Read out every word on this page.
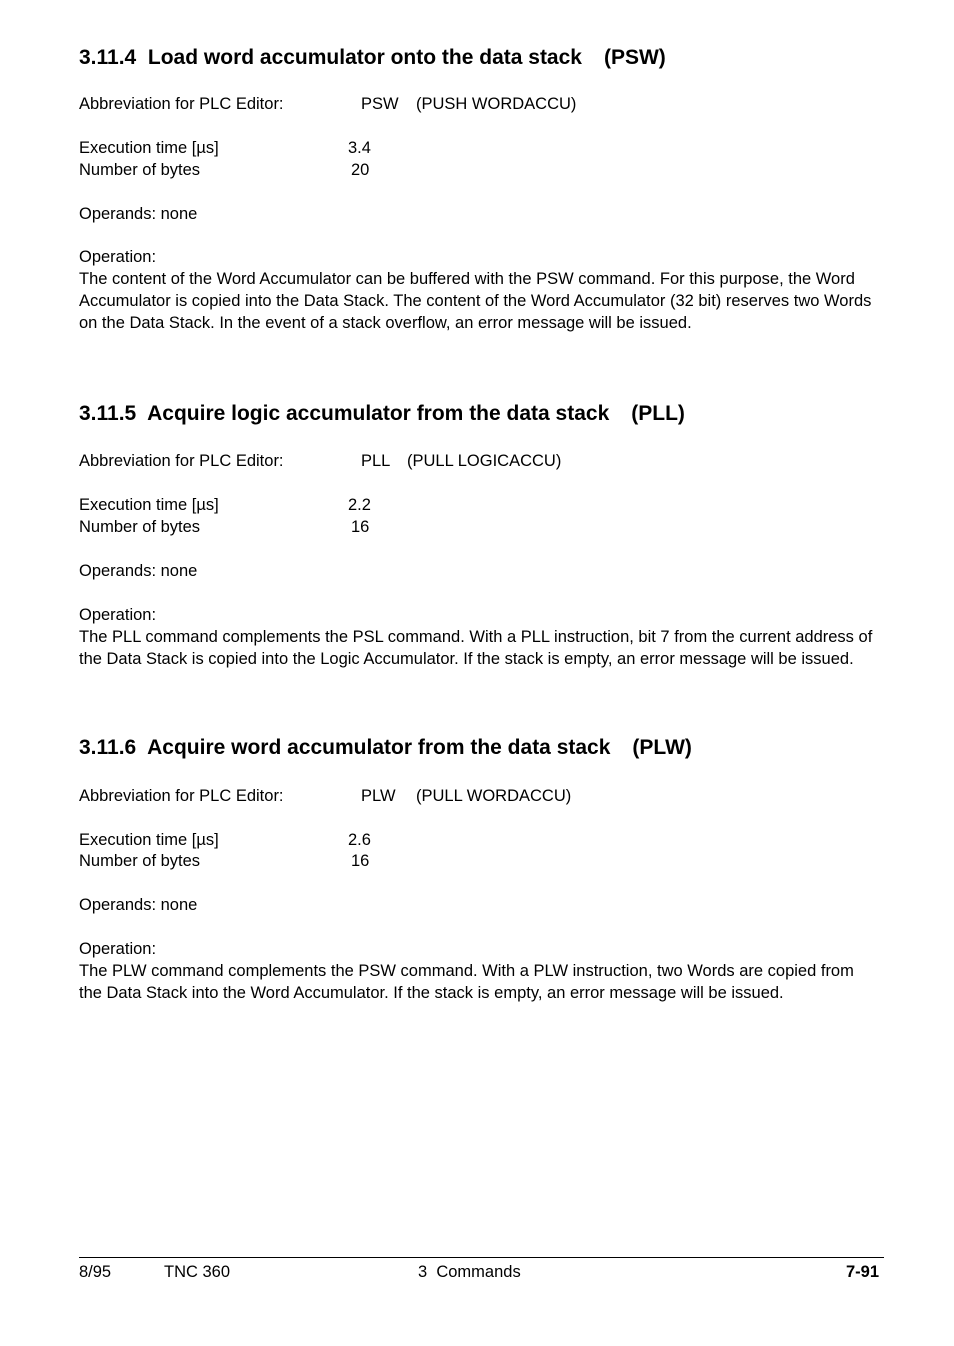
3.11.4 Load word accumulator onto the data stack (PSW)
Abbreviation for PLC Editor:	PSW (PUSH WORDACCU)
Execution time [µs]	3.4
Number of bytes	20
Operands: none
Operation:
The content of the Word Accumulator can be buffered with the PSW command. For this purpose, the Word Accumulator is copied into the Data Stack. The content of the Word Accumulator (32 bit) reserves two Words on the Data Stack. In the event of a stack overflow, an error message will be issued.
3.11.5 Acquire logic accumulator from the data stack (PLL)
Abbreviation for PLC Editor:	PLL (PULL LOGICACCU)
Execution time [µs]	2.2
Number of bytes	16
Operands: none
Operation:
The PLL command complements the PSL command. With a PLL instruction, bit 7 from the current address of the Data Stack is copied into the Logic Accumulator. If the stack is empty, an error message will be issued.
3.11.6 Acquire word accumulator from the data stack (PLW)
Abbreviation for PLC Editor:	PLW (PULL WORDACCU)
Execution time [µs]	2.6
Number of bytes	16
Operands: none
Operation:
The PLW command complements the PSW command. With a PLW instruction, two Words are copied from the Data Stack into the Word Accumulator. If the stack is empty, an error message will be issued.
8/95	TNC 360	3  Commands	7-91
